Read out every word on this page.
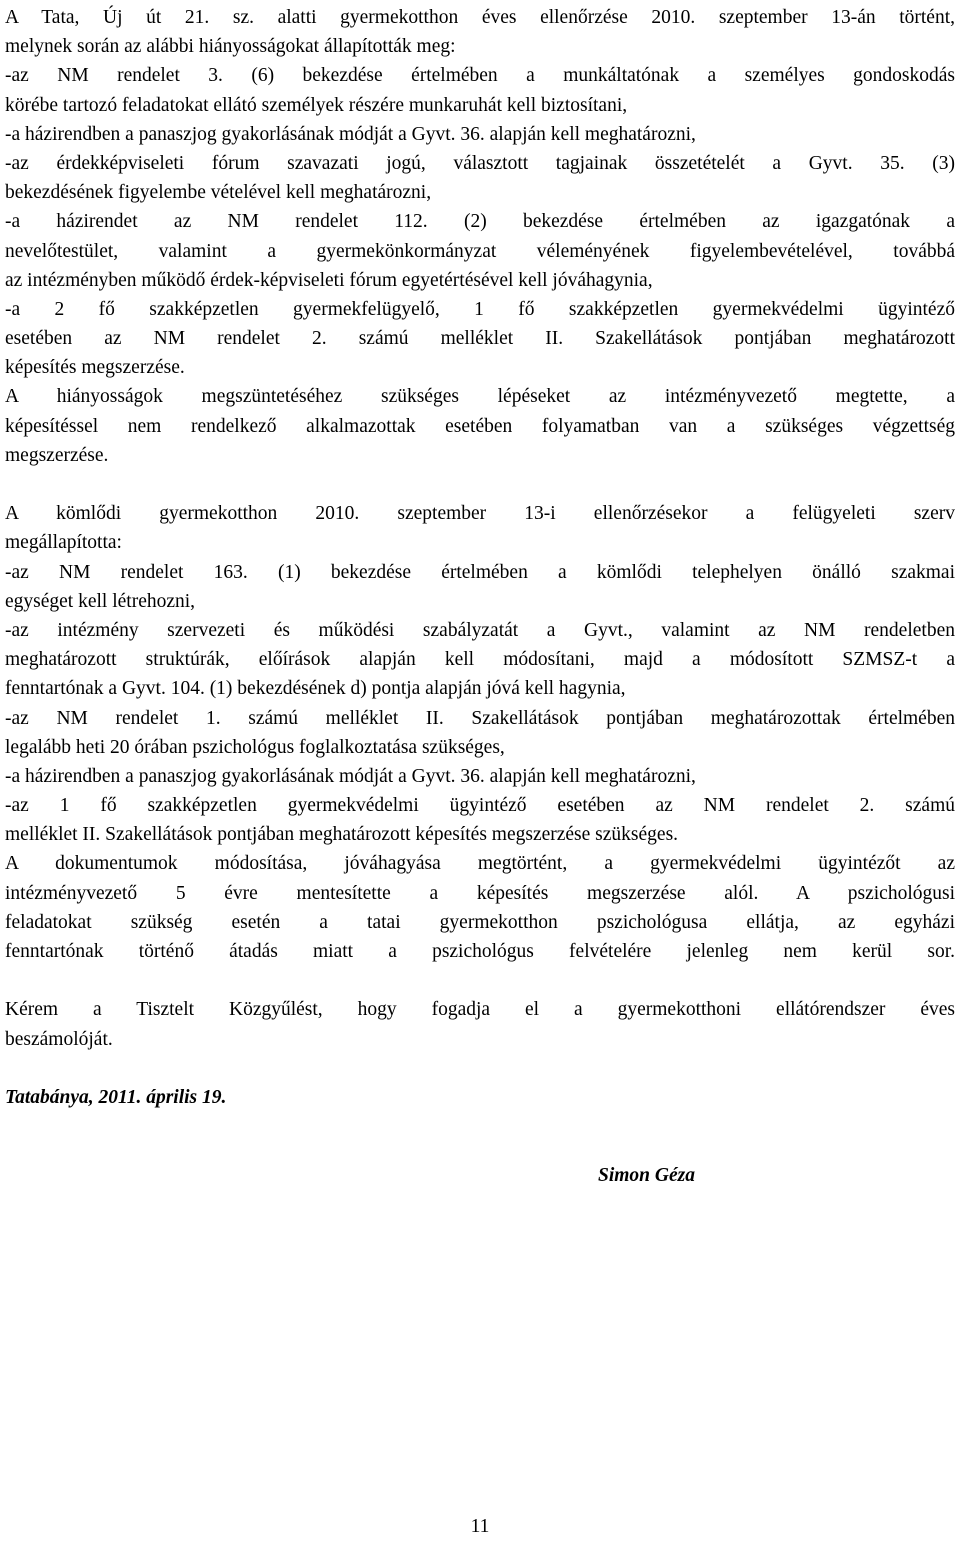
A Tata, Új út 21. sz. alatti gyermekotthon éves ellenőrzése 2010. szeptember 13-án történt,
melynek során az alábbi hiányosságokat állapították meg:
-az NM rendelet 3. (6) bekezdése értelmében a munkáltatónak a személyes gondoskodás
körébe tartozó feladatokat ellátó személyek részére munkaruhát kell biztosítani,
-a házirendben a panaszjog gyakorlásának módját a Gyvt. 36. alapján kell meghatározni,
-az érdekképviseleti fórum szavazati jogú, választott tagjainak összetételét a Gyvt. 35. (3)
bekezdésének figyelembe vételével kell meghatározni,
-a házirendet az NM rendelet 112. (2) bekezdése értelmében az igazgatónak a
nevelőtestület, valamint a gyermekönkormányzat véleményének figyelembevételével, továbbá
az intézményben működő érdek-képviseleti fórum egyetértésével kell jóváhagynia,
-a 2 fő szakképzetlen gyermekfelügyelő, 1 fő szakképzetlen gyermekvédelmi ügyintéző
esetében az NM rendelet 2. számú melléklet II. Szakellátások pontjában meghatározott
képesítés megszerzése.
A hiányosságok megszüntetéséhez szükséges lépéseket az intézményvezető megtette, a
képesítéssel nem rendelkező alkalmazottak esetében folyamatban van a szükséges végzettség
megszerzése.
A kömlődi gyermekotthon 2010. szeptember 13-i ellenőrzésekor a felügyeleti szerv
megállapította:
-az NM rendelet 163. (1) bekezdése értelmében a kömlődi telephelyen önálló szakmai
egységet kell létrehozni,
-az intézmény szervezeti és működési szabályzatát a Gyvt., valamint az NM rendeletben
meghatározott struktúrák, előírások alapján kell módosítani, majd a módosított SZMSZ-t a
fenntartónak a Gyvt. 104. (1) bekezdésének d) pontja alapján jóvá kell hagynia,
-az NM rendelet 1. számú melléklet II. Szakellátások pontjában meghatározottak értelmében
legalább heti 20 órában pszichológus foglalkoztatása szükséges,
-a házirendben a panaszjog gyakorlásának módját a Gyvt. 36. alapján kell meghatározni,
-az 1 fő szakképzetlen gyermekvédelmi ügyintéző esetében az NM rendelet 2. számú
melléklet II. Szakellátások pontjában meghatározott képesítés megszerzése szükséges.
A dokumentumok módosítása, jóváhagyása megtörtént, a gyermekvédelmi ügyintézőt az
intézményvezető 5 évre mentesítette a képesítés megszerzése alól. A pszichológusi
feladatokat szükség esetén a tatai gyermekotthon pszichológusa ellátja, az egyházi
fenntartónak történő átadás miatt a pszichológus felvételére jelenleg nem kerül sor.
Kérem a Tisztelt Közgyűlést, hogy fogadja el a gyermekotthoni ellátórendszer éves
beszámolóját.
Tatabánya, 2011. április 19.
Simon Géza
11
